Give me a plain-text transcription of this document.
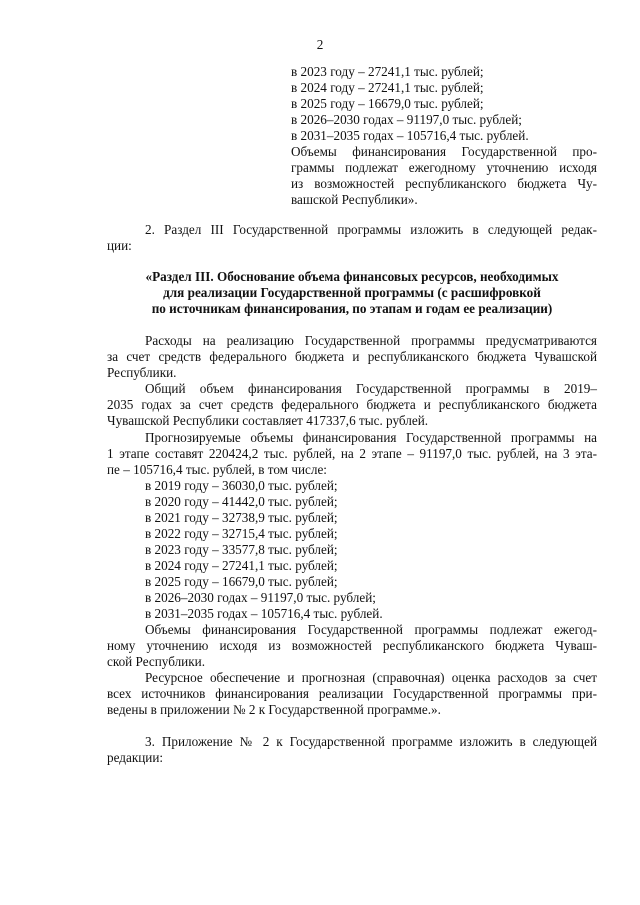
2

в 2023 году – 27241,1 тыс. рублей;

в 2024 году – 27241,1 тыс. рублей;

в 2025 году – 16679,0 тыс. рублей;

в 2026–2030 годах – 91197,0 тыс. рублей;

в 2031–2035 годах – 105716,4 тыс. рублей.

Объемы финансирования Государственной про-

граммы подлежат ежегодному уточнению исходя

из возможностей республиканского бюджета Чу-

вашской Республики».

2. Раздел III Государственной программы изложить в следующей редак-

ции:

«Раздел III. Обоснование объема финансовых ресурсов, необходимых

для реализации Государственной программы (с расшифровкой

по источникам финансирования, по этапам и годам ее реализации)

Расходы на реализацию Государственной программы предусматриваются

за счет средств федерального бюджета и республиканского бюджета Чувашской

Республики.

Общий объем финансирования Государственной программы в 2019–

2035 годах за счет средств федерального бюджета и республиканского бюджета

Чувашской Республики составляет 417337,6 тыс. рублей.

Прогнозируемые объемы финансирования Государственной программы на

1 этапе составят 220424,2 тыс. рублей, на 2 этапе – 91197,0 тыс. рублей, на 3 эта-

пе – 105716,4 тыс. рублей, в том числе:

в 2019 году – 36030,0 тыс. рублей;

в 2020 году – 41442,0 тыс. рублей;

в 2021 году – 32738,9 тыс. рублей;

в 2022 году – 32715,4 тыс. рублей;

в 2023 году – 33577,8 тыс. рублей;

в 2024 году – 27241,1 тыс. рублей;

в 2025 году – 16679,0 тыс. рублей;

в 2026–2030 годах – 91197,0 тыс. рублей;

в 2031–2035 годах – 105716,4 тыс. рублей.

Объемы финансирования Государственной программы подлежат ежегод-

ному уточнению исходя из возможностей республиканского бюджета Чуваш-

ской Республики.

Ресурсное обеспечение и прогнозная (справочная) оценка расходов за счет

всех источников финансирования реализации Государственной программы при-

ведены в приложении № 2 к Государственной программе.».

3. Приложение № 2 к Государственной программе изложить в следующей

редакции:
